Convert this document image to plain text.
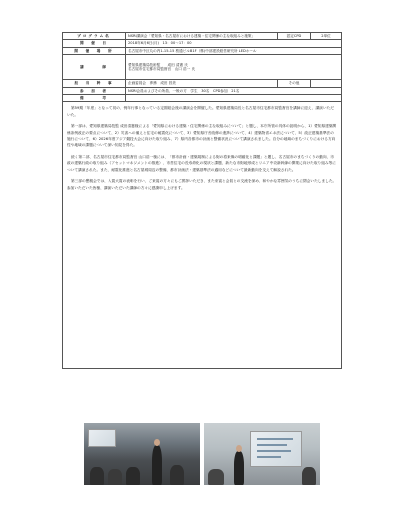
プログラム名	NSRI講演会「愛知県・名古屋市における建築・住宅関係の主な取組みと施策」	認定CPD	2単位
開　催　日	2018年6月6日(月)　13：00～17：00		
開　催　場　所	名古屋市中区丸の内1-15-15 桜通ビルB1F（株)中部建設経営研究所 LEDホール		
講　　　師	愛知県建築局技術監　　成田 清憲 氏
名古屋市住宅都市局監督官　山口 浩一 氏		

担　当　幹　事	企画委員会　専務　成田 昌美	その他	
参　加　者	NSRI会員およびその所員、一般の方　学生　30名　CPD参加　21名		
備　　　考			

第59期「年度」となって初の、例年行事となっている定期総会後の講演会を開催した。愛知県建築局長と名古屋市住宅都市局監督官を講師に迎え、講演いただいた。

第一部は、愛知県建築局技監 成田清憲様による「愛知県における建築・住宅関係の主な取組みについて」と題し、本庁所管の具体の説明から、1）愛知県建築関係条例改正の要点について、2）災害への備えと住宅の耐震化について、3）愛知県庁舎改修の進捗について、4）建築物省エネ法について、5）改正建築基準法の施行について、6）2026年度アジア競技大会に向けた取り組み、7）県内各都市の計画と整備状況について講演されました。自分の地域のまちづくりにおける方向性や地域の課題について深い知見を得た。

続く第二部、名古屋市住宅都市局監督官 山口浩一様には、「都市計画・建築規制による街の将来像の明確化と課題」と題し、名古屋市のまちづくりの動向、市政の建築行政の取り組み（アセットマネジメントの推進）、市営住宅の長寿命化の現状と課題、新たな市街地形成とリニア中央新幹線の開業に向けた取り組み等について講演された。また、耐震化推進と名古屋城周辺の整備、都市計画法・建築基準法の適用などについて最新動向を交えて解説された。

第三部の懇親会では、入賞大賞の表彰を行い、ご来賓の方々にもご挨拶いただき、また来賓と会員との交流を深め、和やかな雰囲気のうちに閉会いたしました。参加いただいた皆様、講演いただいた講師の方々に感謝申し上げます。
